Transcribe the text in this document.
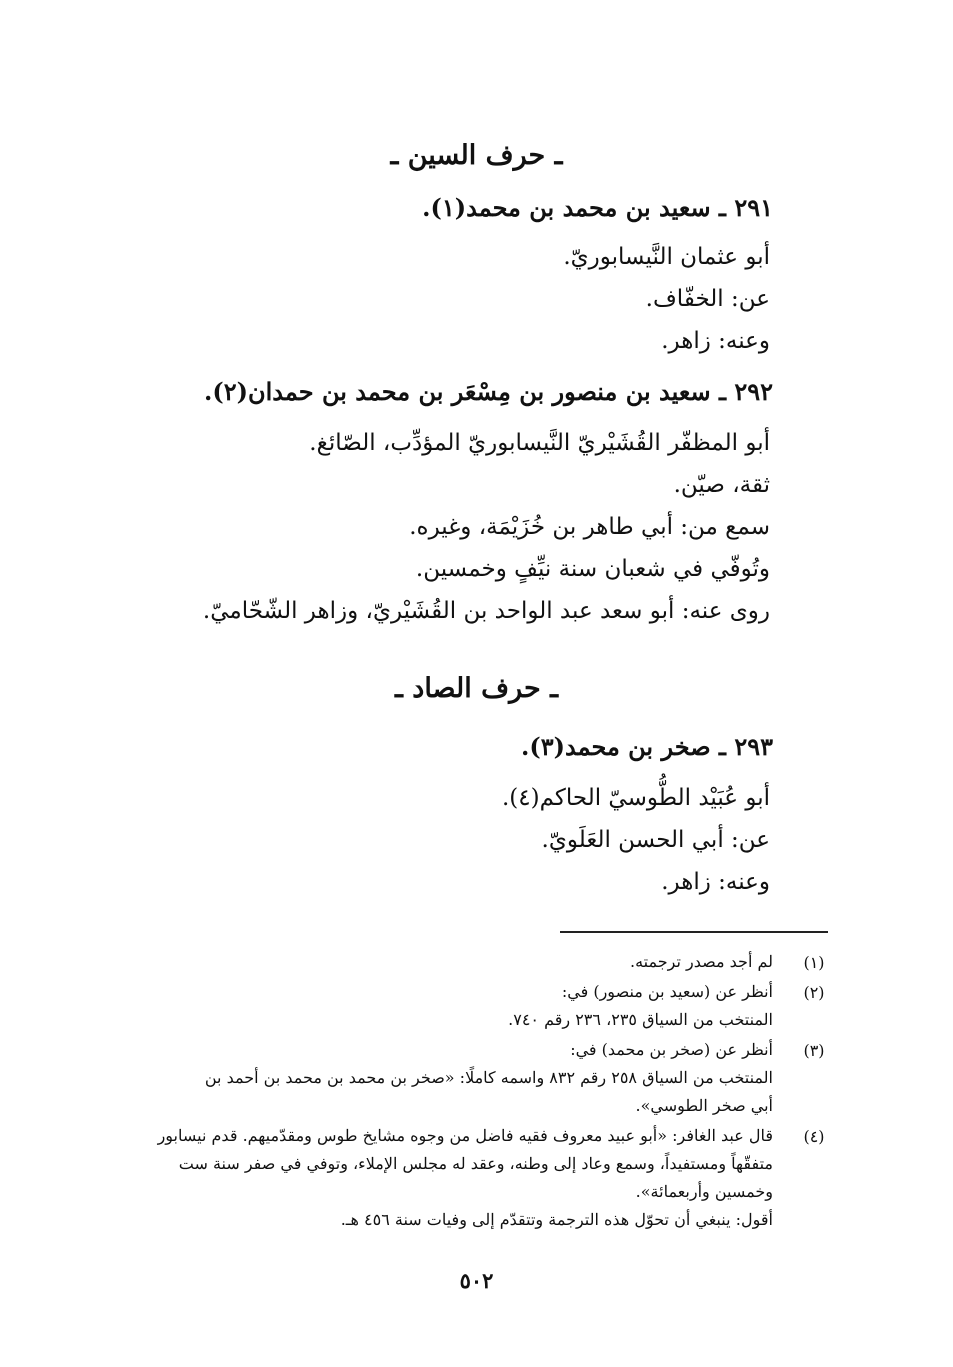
ـ حرف السين ـ
٢٩١ ـ سعيد بن محمد بن محمد(١).
أبو عثمان النَّيسابوريّ.
عن: الخفّاف.
وعنه: زاهر.
٢٩٢ ـ سعيد بن منصور بن مِسْعَر بن محمد بن حمدان(٢).
أبو المظفّر القُشَيْريّ النَّيسابوريّ المؤدِّب، الصّائغ.
ثقة، صيّن.
سمع من: أبي طاهر بن خُزَيْمَة، وغيره.
وتُوفّي في شعبان سنة نيِّفٍ وخمسين.
روى عنه: أبو سعد عبد الواحد بن القُشَيْريّ، وزاهر الشّحّاميّ.
ـ حرف الصاد ـ
٢٩٣ ـ صخر بن محمد(٣).
أبو عُبَيْد الطُّوسيّ الحاكم(٤).
عن: أبي الحسن العَلَويّ.
وعنه: زاهر.
(١)
لم أجد مصدر ترجمته.
(٢)
أنظر عن (سعيد بن منصور) في:
المنتخب من السياق ٢٣٥، ٢٣٦ رقم ٧٤٠.
(٣)
أنظر عن (صخر بن محمد) في:
المنتخب من السياق ٢٥٨ رقم ٨٣٢ واسمه كاملًا: «صخر بن محمد بن محمد بن أحمد بن
أبي صخر الطوسي».
(٤)
قال عبد الغافر: «أبو عبيد معروف فقيه فاضل من وجوه مشايخ طوس ومقدّميهم. قدم نيسابور
متفقّهاً ومستفيداً، وسمع وعاد إلى وطنه، وعقد له مجلس الإملاء، وتوفي في صفر سنة ست
وخمسين وأربعمائة».
أقول: ينبغي أن تحوّل هذه الترجمة وتتقدّم إلى وفيات سنة ٤٥٦ هـ.
٥٠٢
